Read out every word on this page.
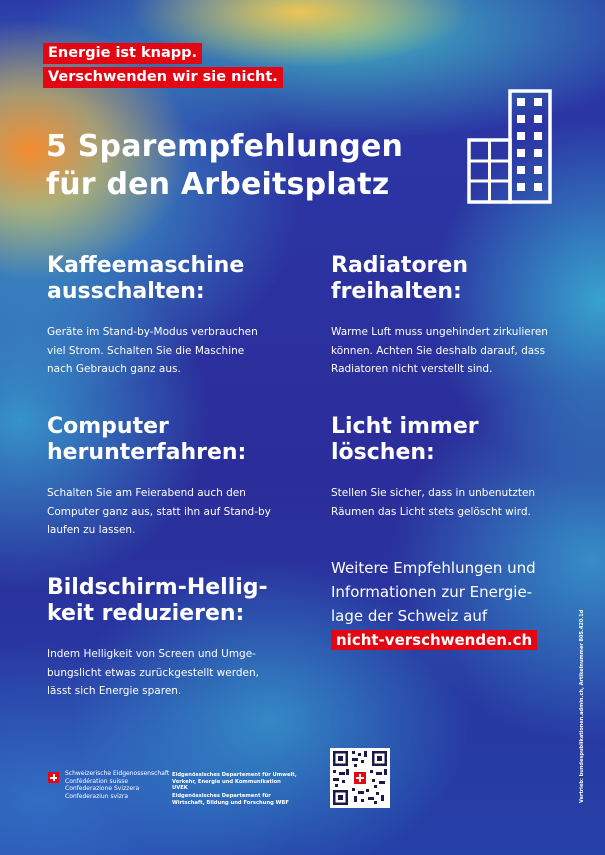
Energie ist knapp.
Verschwenden wir sie nicht.
5 Sparempfehlungen
für den Arbeitsplatz
Kaffeemaschine
ausschalten:

Geräte im Stand-by-Modus verbrauchen
viel Strom. Schalten Sie die Maschine
nach Gebrauch ganz aus.

Radiatoren
freihalten:

Warme Luft muss ungehindert zirkulieren
können. Achten Sie deshalb darauf, dass
Radiatoren nicht verstellt sind.

Computer
herunterfahren:

Schalten Sie am Feierabend auch den
Computer ganz aus, statt ihn auf Stand-by
laufen zu lassen.

Licht immer
löschen:

Stellen Sie sicher, dass in unbenutzten
Räumen das Licht stets gelöscht wird.

Bildschirm-Hellig-
keit reduzieren:

Indem Helligkeit von Screen und Umge-
bungslicht etwas zurückgestellt werden,
lässt sich Energie sparen.

Weitere Empfehlungen und
Informationen zur Energie-
lage der Schweiz auf
nicht-verschwenden.ch
Schweizerische Eidgenossenschaft
Confédération suisse
Confederazione Svizzera
Confederaziun svizra
Eidgenössisches Departement für Umwelt,
Verkehr, Energie und Kommunikation UVEK
Eidgenössisches Departement für
Wirtschaft, Bildung und Forschung WBF	Vertrieb: bundespublikationen.admin.ch, Artikelnummer 805.420.1d
